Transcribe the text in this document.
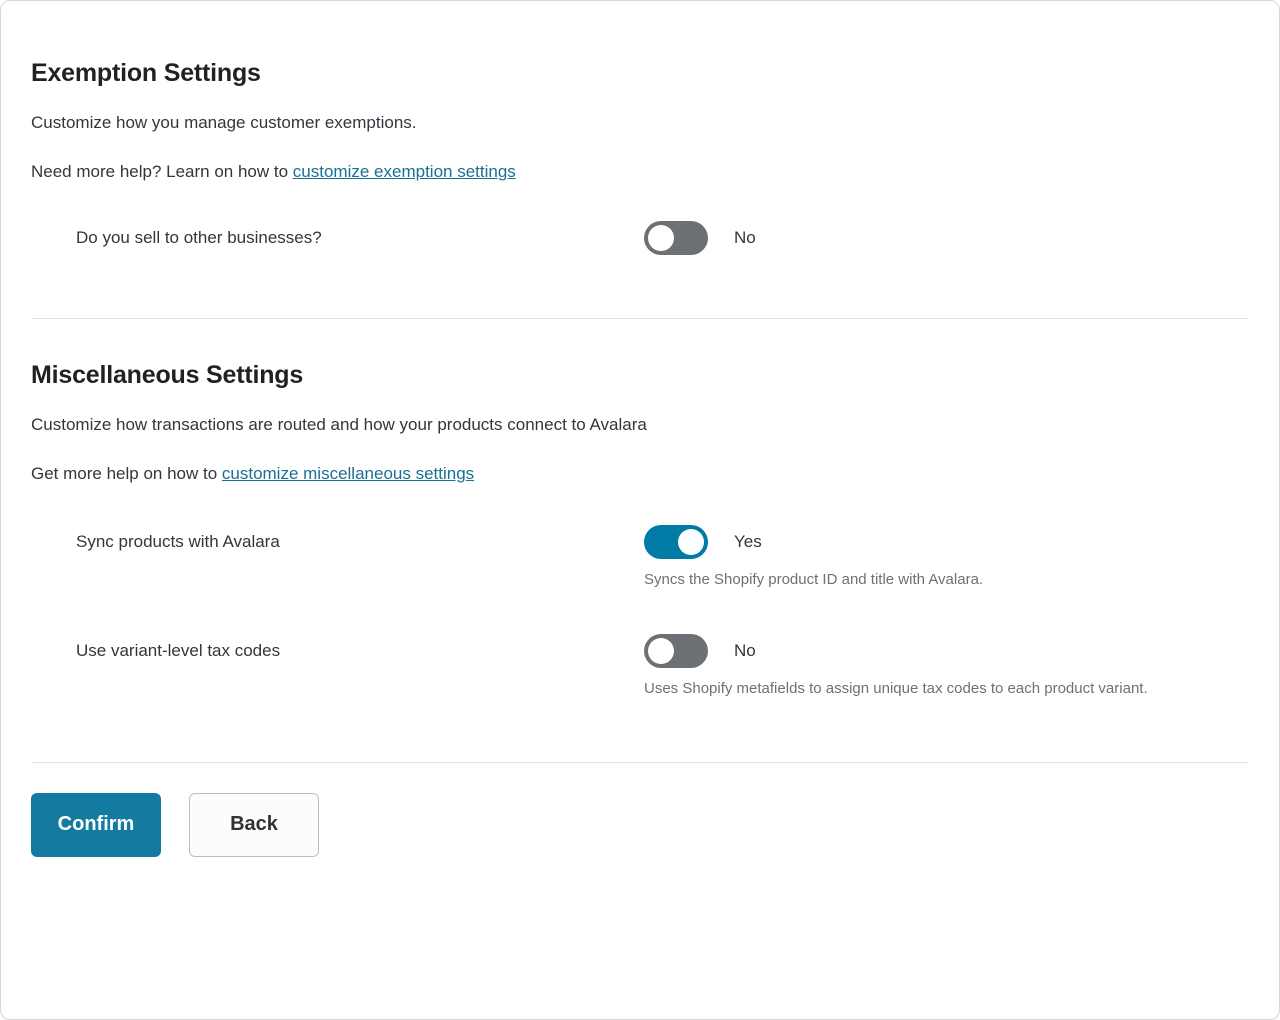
Exemption Settings
Customize how you manage customer exemptions.
Need more help? Learn on how to customize exemption settings
Do you sell to other businesses?	No
Miscellaneous Settings
Customize how transactions are routed and how your products connect to Avalara
Get more help on how to customize miscellaneous settings
Sync products with Avalara	Yes
Syncs the Shopify product ID and title with Avalara.
Use variant-level tax codes	No
Uses Shopify metafields to assign unique tax codes to each product variant.
Confirm	Back
